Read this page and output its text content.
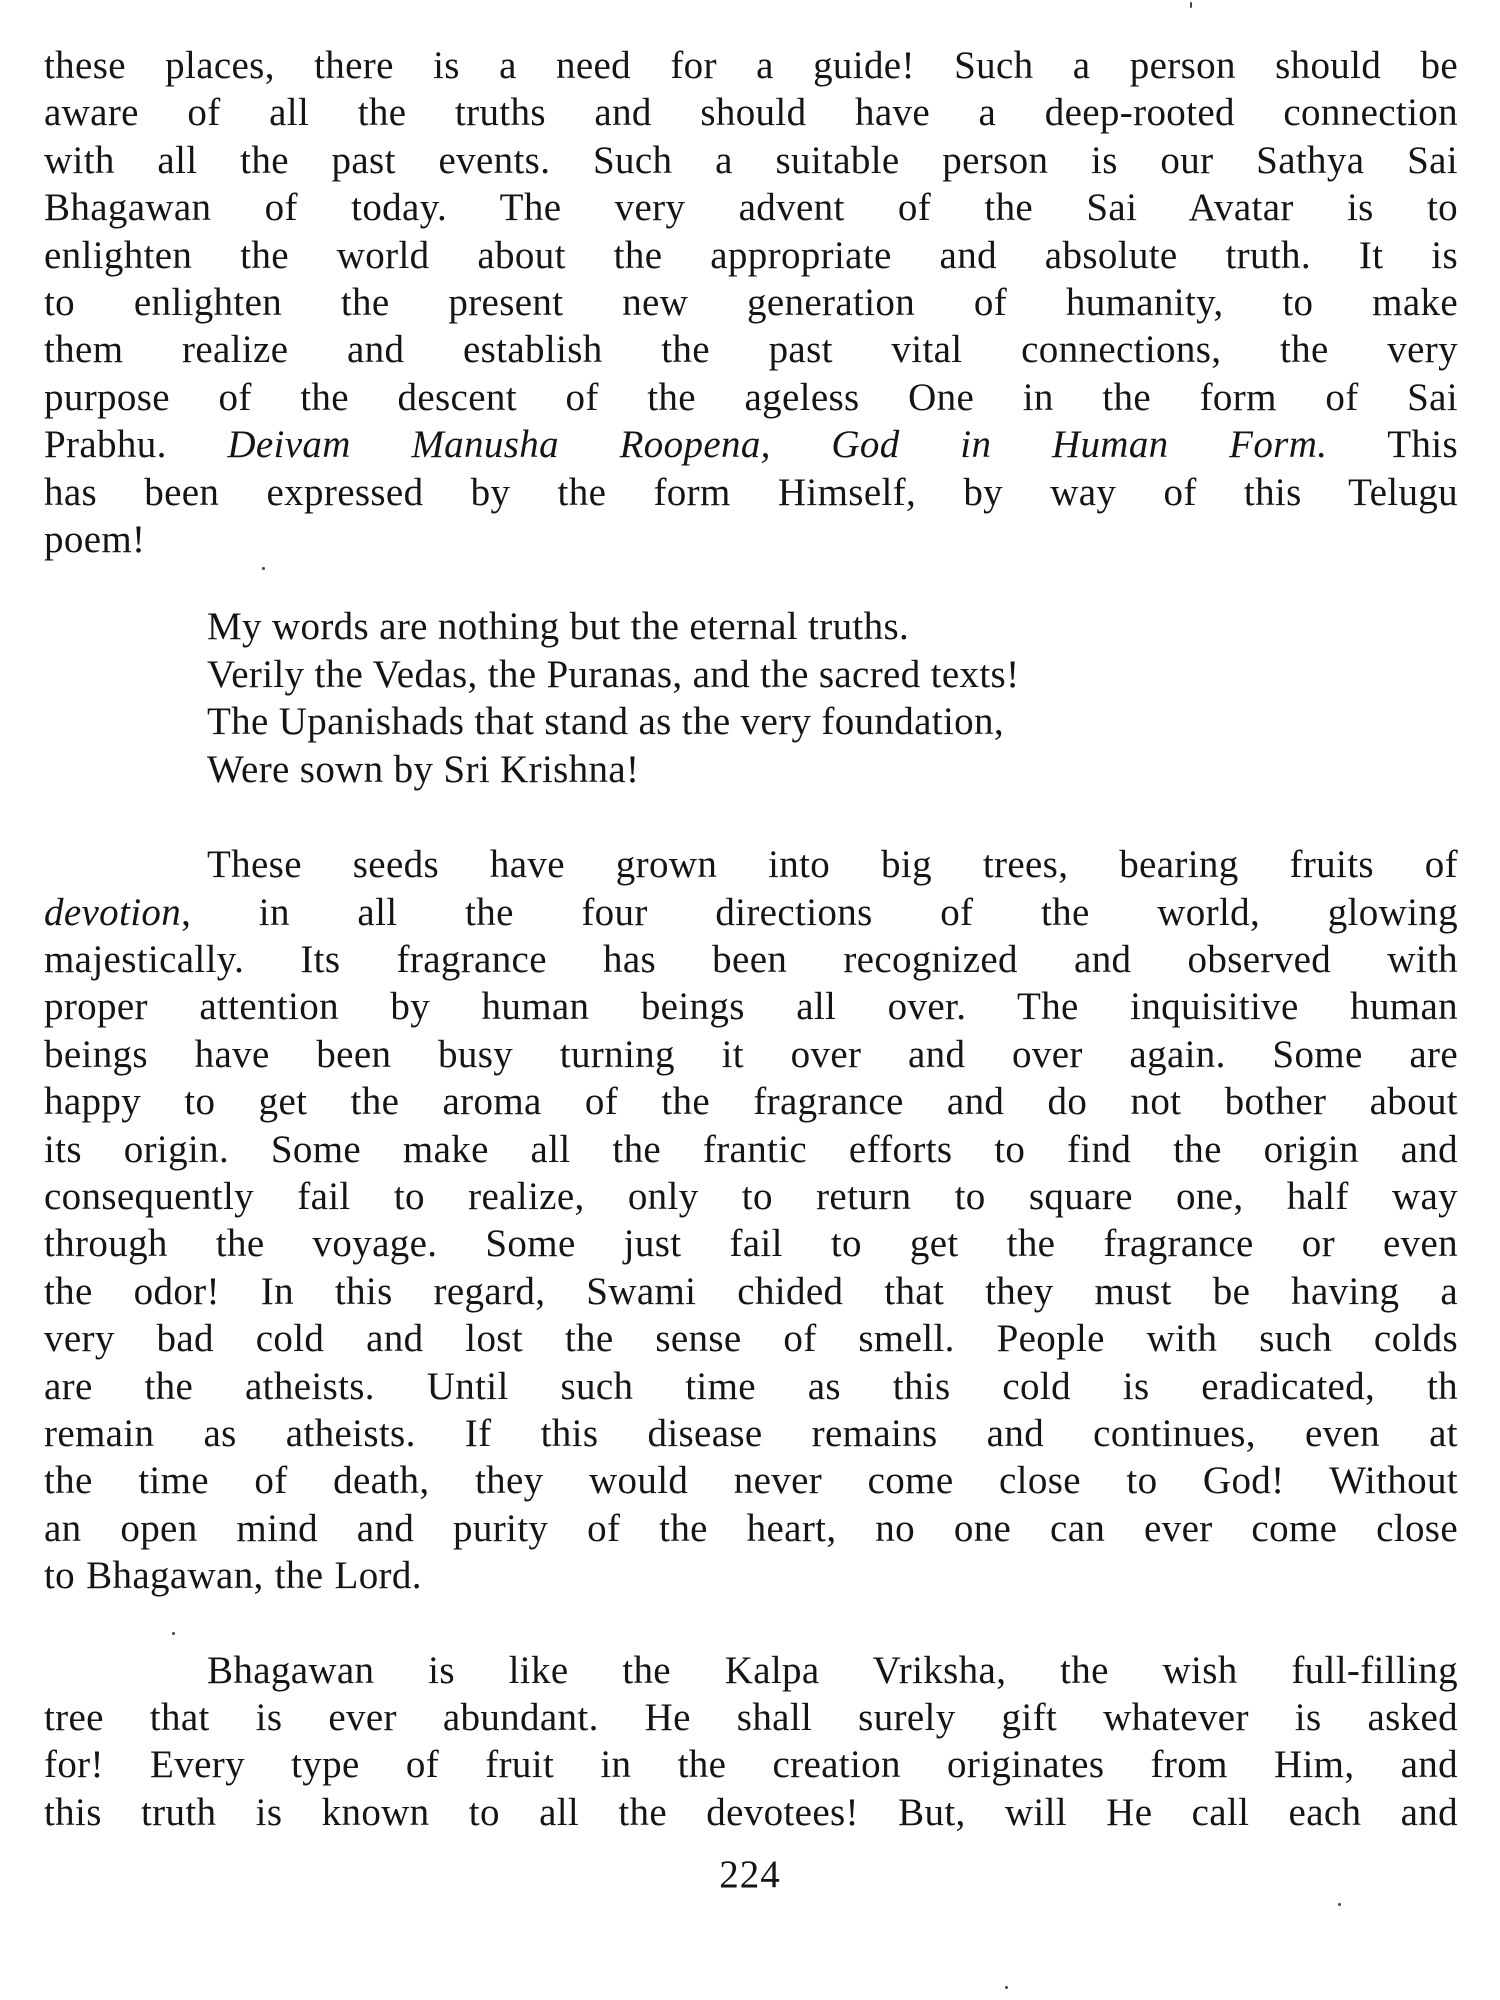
these places, there is a need for a guide! Such a person should be
aware of all the truths and should have a deep-rooted connection
with all the past events. Such a suitable person is our Sathya Sai
Bhagawan of today. The very advent of the Sai Avatar is to
enlighten the world about the appropriate and absolute truth. It is
to enlighten the present new generation of humanity, to make
them realize and establish the past vital connections, the very
purpose of the descent of the ageless One in the form of Sai
Prabhu. Deivam Manusha Roopena, God in Human Form. This
has been expressed by the form Himself, by way of this Telugu
poem!

My words are nothing but the eternal truths.
Verily the Vedas, the Puranas, and the sacred texts!
The Upanishads that stand as the very foundation,
Were sown by Sri Krishna!

These seeds have grown into big trees, bearing fruits of
devotion, in all the four directions of the world, glowing
majestically. Its fragrance has been recognized and observed with
proper attention by human beings all over. The inquisitive human
beings have been busy turning it over and over again. Some are
happy to get the aroma of the fragrance and do not bother about
its origin. Some make all the frantic efforts to find the origin and
consequently fail to realize, only to return to square one, half way
through the voyage. Some just fail to get the fragrance or even
the odor! In this regard, Swami chided that they must be having a
very bad cold and lost the sense of smell. People with such colds
are the atheists. Until such time as this cold is eradicated, th
remain as atheists. If this disease remains and continues, even at
the time of death, they would never come close to God! Without
an open mind and purity of the heart, no one can ever come close
to Bhagawan, the Lord.

Bhagawan is like the Kalpa Vriksha, the wish full-filling
tree that is ever abundant. He shall surely gift whatever is asked
for! Every type of fruit in the creation originates from Him, and
this truth is known to all the devotees! But, will He call each and

224
